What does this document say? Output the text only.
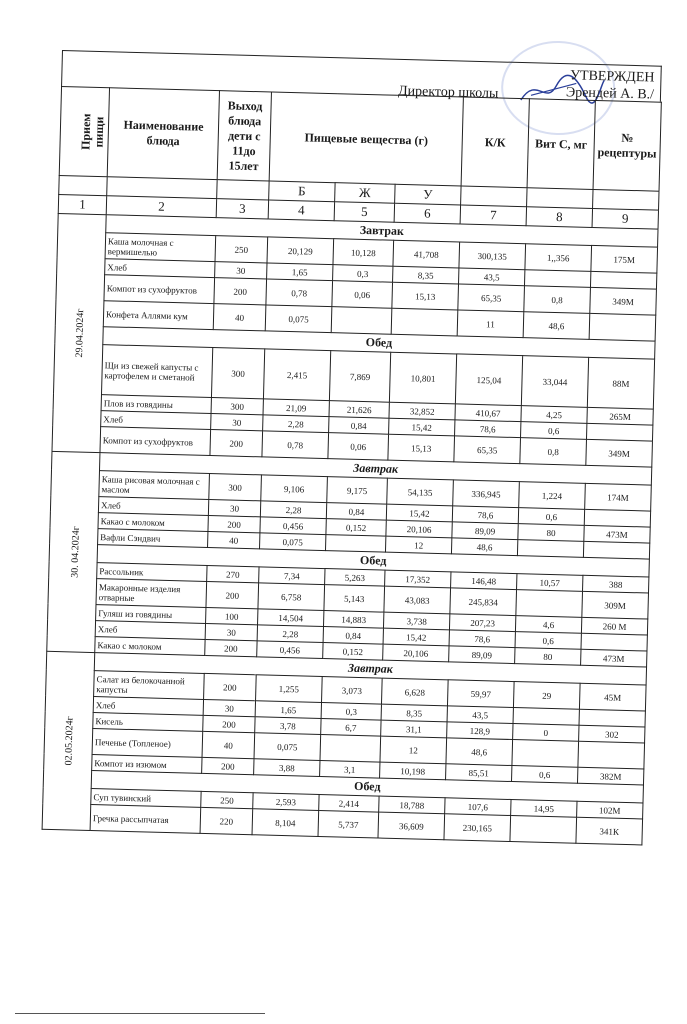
УТВЕРЖДЕН
Директор школы	Эрендей А. В./
Прием пищи	Наименование блюда	Выход блюда дети с 11до 15лет	Пищевые вещества (г)			К/К	Вит С, мг	№ рецептуры
			Б	Ж	У			
1	2	3	4	5	6	7	8	9
29.04.2024г	Завтрак							
	Каша молочная с вермишелью	250	20,129	10,128	41,708	300,135	1,,356	175М
	Хлеб	30	1,65	0,3	8,35	43,5		
	Компот из сухофруктов	200	0,78	0,06	15,13	65,35	0,8	349М
	Конфета Аллями кум	40	0,075			11	48,6	
	Обед							
	Щи из свежей капусты с картофелем и сметаной	300	2,415	7,869	10,801	125,04	33,044	88М
	Плов из говядины	300	21,09	21,626	32,852	410,67	4,25	265М
	Хлеб	30	2,28	0,84	15,42	78,6	0,6	
	Компот из сухофруктов	200	0,78	0,06	15,13	65,35	0,8	349М
30. 04.2024г	Завтрак							
	Каша рисовая молочная с маслом	300	9,106	9,175	54,135	336,945	1,224	174М
	Хлеб	30	2,28	0,84	15,42	78,6	0,6	
	Какао с молоком	200	0,456	0,152	20,106	89,09	80	473М
	Вафли Сэндвич	40	0,075		12	48,6		
	Обед							
	Рассольник	270	7,34	5,263	17,352	146,48	10,57	388
	Макаронные изделия отварные	200	6,758	5,143	43,083	245,834		309М
	Гуляш из говядины	100	14,504	14,883	3,738	207,23	4,6	260 М
	Хлеб	30	2,28	0,84	15,42	78,6	0,6	
	Какао с молоком	200	0,456	0,152	20,106	89,09	80	473М
02.05.2024г	Завтрак							
	Салат из белокочанной капусты	200	1,255	3,073	6,628	59,97	29	45М
	Хлеб	30	1,65	0,3	8,35	43,5		
	Кисель	200	3,78	6,7	31,1	128,9	0	302
	Печенье (Топленое)	40	0,075		12	48,6		
	Компот из изюмом	200	3,88	3,1	10,198	85,51	0,6	382М
	Обед							
	Суп тувинский	250	2,593	2,414	18,788	107,6	14,95	102М
	Гречка рассыпчатая	220	8,104	5,737	36,609	230,165		341К
